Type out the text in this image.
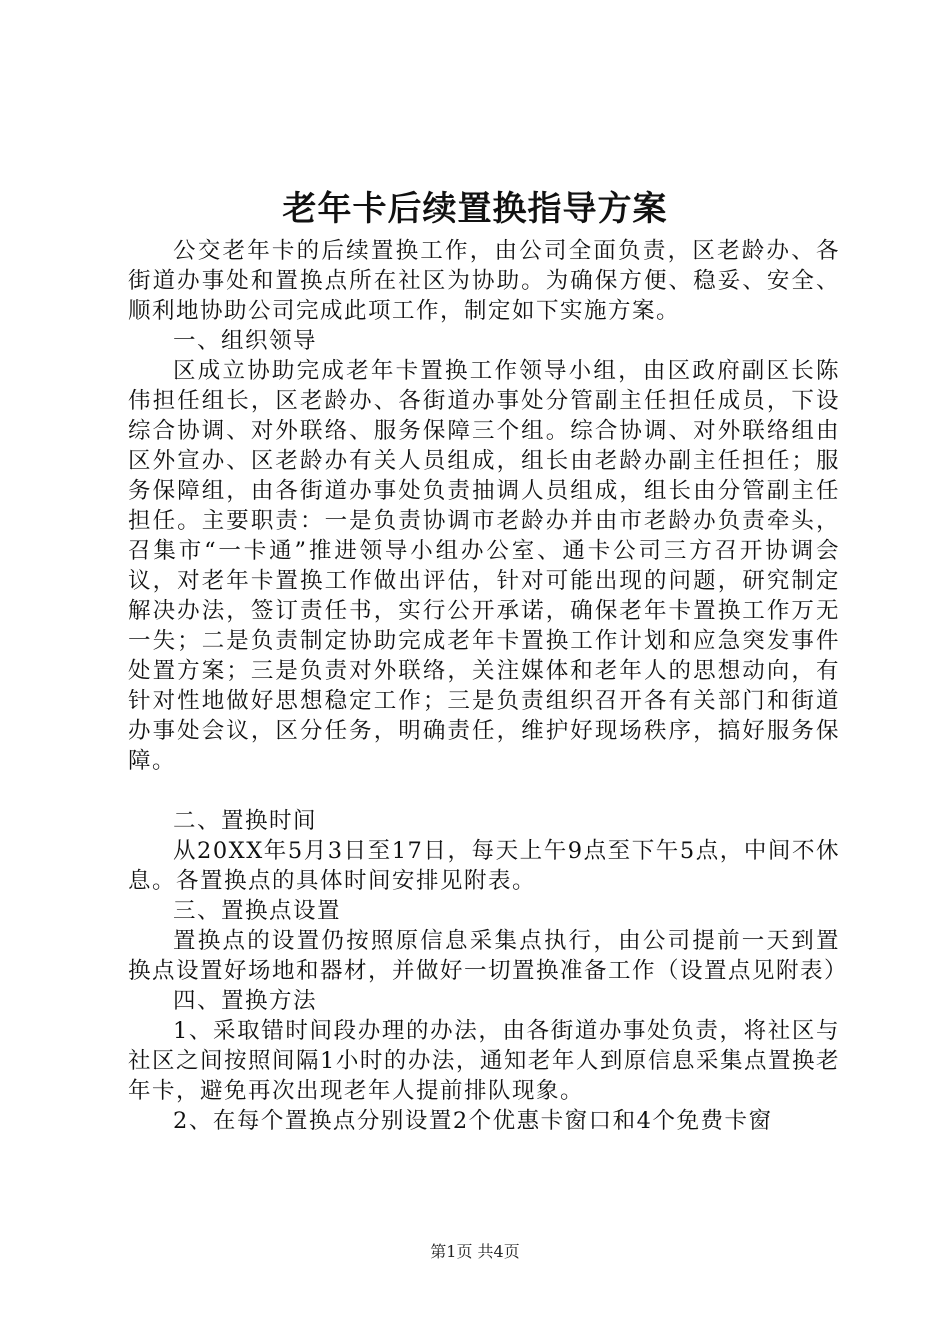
老年卡后续置换指导方案

公交老年卡的后续置换工作，由公司全面负责，区老龄办、各街道办事处和置换点所在社区为协助。为确保方便、稳妥、安全、顺利地协助公司完成此项工作，制定如下实施方案。

一、组织领导

区成立协助完成老年卡置换工作领导小组，由区政府副区长陈伟担任组长，区老龄办、各街道办事处分管副主任担任成员，下设综合协调、对外联络、服务保障三个组。综合协调、对外联络组由区外宣办、区老龄办有关人员组成，组长由老龄办副主任担任；服务保障组，由各街道办事处负责抽调人员组成，组长由分管副主任担任。主要职责：一是负责协调市老龄办并由市老龄办负责牵头，召集市“一卡通”推进领导小组办公室、通卡公司三方召开协调会议，对老年卡置换工作做出评估，针对可能出现的问题，研究制定解决办法，签订责任书，实行公开承诺，确保老年卡置换工作万无一失；二是负责制定协助完成老年卡置换工作计划和应急突发事件处置方案；三是负责对外联络，关注媒体和老年人的思想动向，有针对性地做好思想稳定工作；三是负责组织召开各有关部门和街道办事处会议，区分任务，明确责任，维护好现场秩序，搞好服务保障。

二、置换时间

从20XX年5月3日至17日，每天上午9点至下午5点，中间不休息。各置换点的具体时间安排见附表。

三、置换点设置

置换点的设置仍按照原信息采集点执行，由公司提前一天到置换点设置好场地和器材，并做好一切置换准备工作（设置点见附表）

四、置换方法

1、采取错时间段办理的办法，由各街道办事处负责，将社区与社区之间按照间隔1小时的办法，通知老年人到原信息采集点置换老年卡，避免再次出现老年人提前排队现象。

2、在每个置换点分别设置2个优惠卡窗口和4个免费卡窗

第1页 共4页
